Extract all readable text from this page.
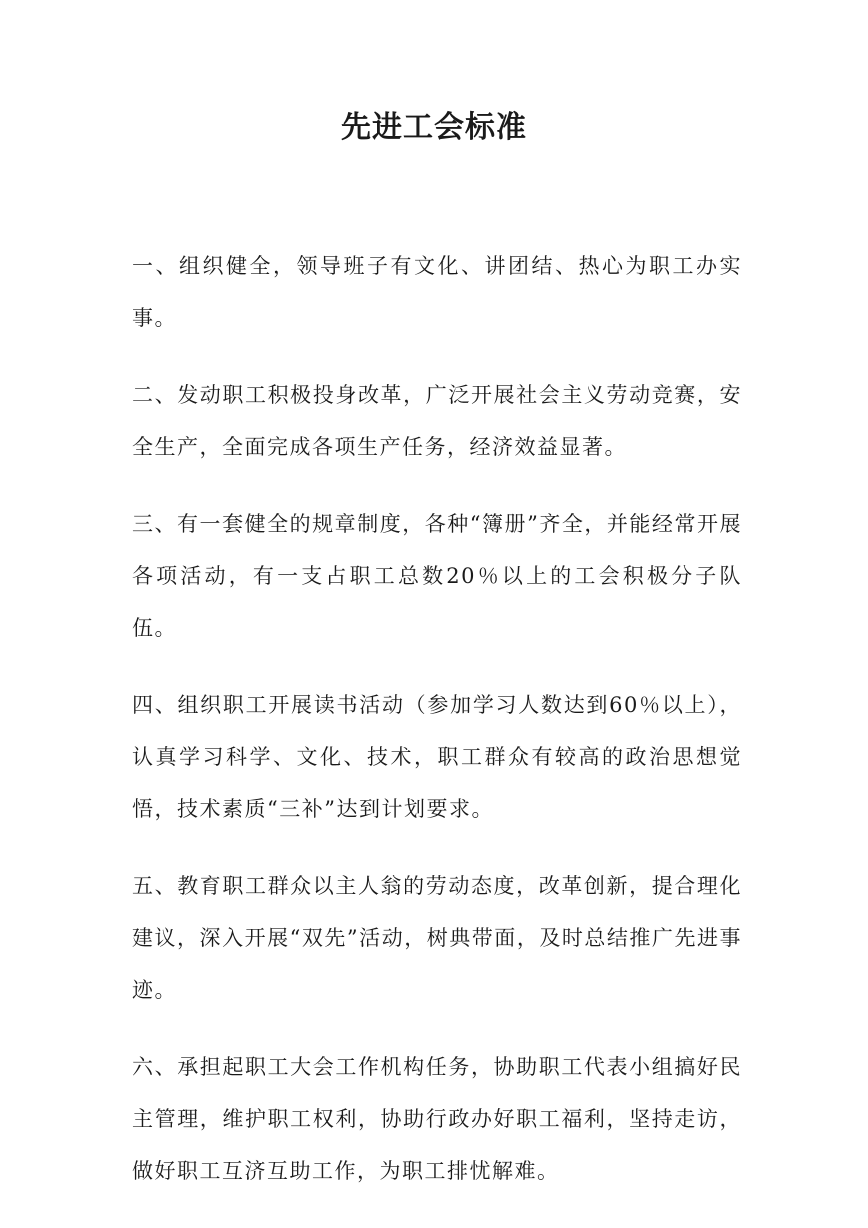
先进工会标准

一、组织健全，领导班子有文化、讲团结、热心为职工办实事。

二、发动职工积极投身改革，广泛开展社会主义劳动竞赛，安全生产，全面完成各项生产任务，经济效益显著。

三、有一套健全的规章制度，各种“簿册”齐全，并能经常开展各项活动，有一支占职工总数20％以上的工会积极分子队伍。

四、组织职工开展读书活动（参加学习人数达到60％以上），认真学习科学、文化、技术，职工群众有较高的政治思想觉悟，技术素质“三补”达到计划要求。

五、教育职工群众以主人翁的劳动态度，改革创新，提合理化建议，深入开展“双先”活动，树典带面，及时总结推广先进事迹。

六、承担起职工大会工作机构任务，协助职工代表小组搞好民主管理，维护职工权利，协助行政办好职工福利，坚持走访，做好职工互济互助工作，为职工排忧解难。
